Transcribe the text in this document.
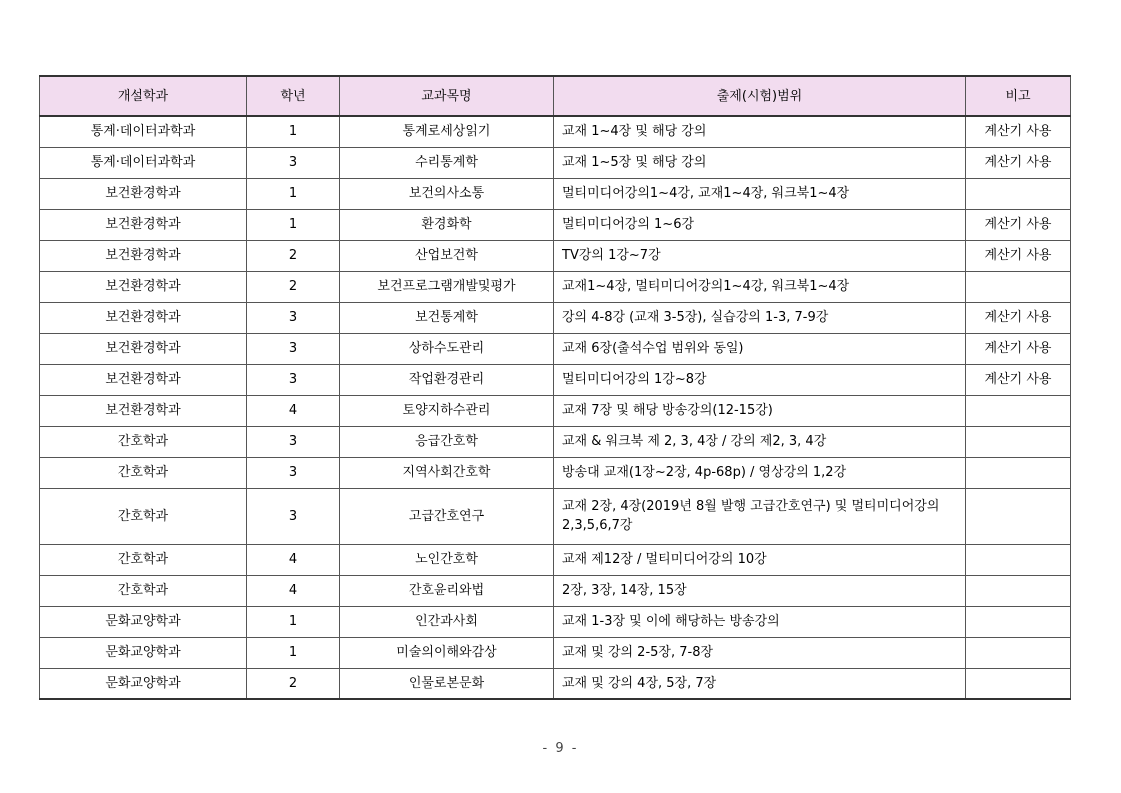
개설학과	학년	교과목명	출제(시험)범위	비고
통계·데이터과학과	1	통계로세상읽기	교재 1~4장 및 해당 강의	계산기 사용
통계·데이터과학과	3	수리통계학	교재 1~5장 및 해당 강의	계산기 사용
보건환경학과	1	보건의사소통	멀티미디어강의1~4강, 교재1~4장, 워크북1~4장	
보건환경학과	1	환경화학	멀티미디어강의 1~6강	계산기 사용
보건환경학과	2	산업보건학	TV강의 1강~7강	계산기 사용
보건환경학과	2	보건프로그램개발및평가	교재1~4장, 멀티미디어강의1~4강, 워크북1~4장	
보건환경학과	3	보건통계학	강의 4-8강 (교재 3-5장), 실습강의 1-3, 7-9강	계산기 사용
보건환경학과	3	상하수도관리	교재 6장(출석수업 범위와 동일)	계산기 사용
보건환경학과	3	작업환경관리	멀티미디어강의 1강~8강	계산기 사용
보건환경학과	4	토양지하수관리	교재 7장 및 해당 방송강의(12-15강)	
간호학과	3	응급간호학	교재 & 워크북 제 2, 3, 4장 / 강의 제2, 3, 4강	
간호학과	3	지역사회간호학	방송대 교재(1장~2장, 4p-68p) / 영상강의 1,2강	
간호학과	3	고급간호연구	교재 2장, 4장(2019년 8월 발행 고급간호연구) 및 멀티미디어강의 2,3,5,6,7강	
간호학과	4	노인간호학	교재 제12장 / 멀티미디어강의 10강	
간호학과	4	간호윤리와법	2장, 3장, 14장, 15장	
문화교양학과	1	인간과사회	교재 1-3장 및 이에 해당하는 방송강의	
문화교양학과	1	미술의이해와감상	교재 및 강의 2-5장, 7-8장	
문화교양학과	2	인물로본문화	교재 및 강의 4장, 5장, 7장	
- 9 -
